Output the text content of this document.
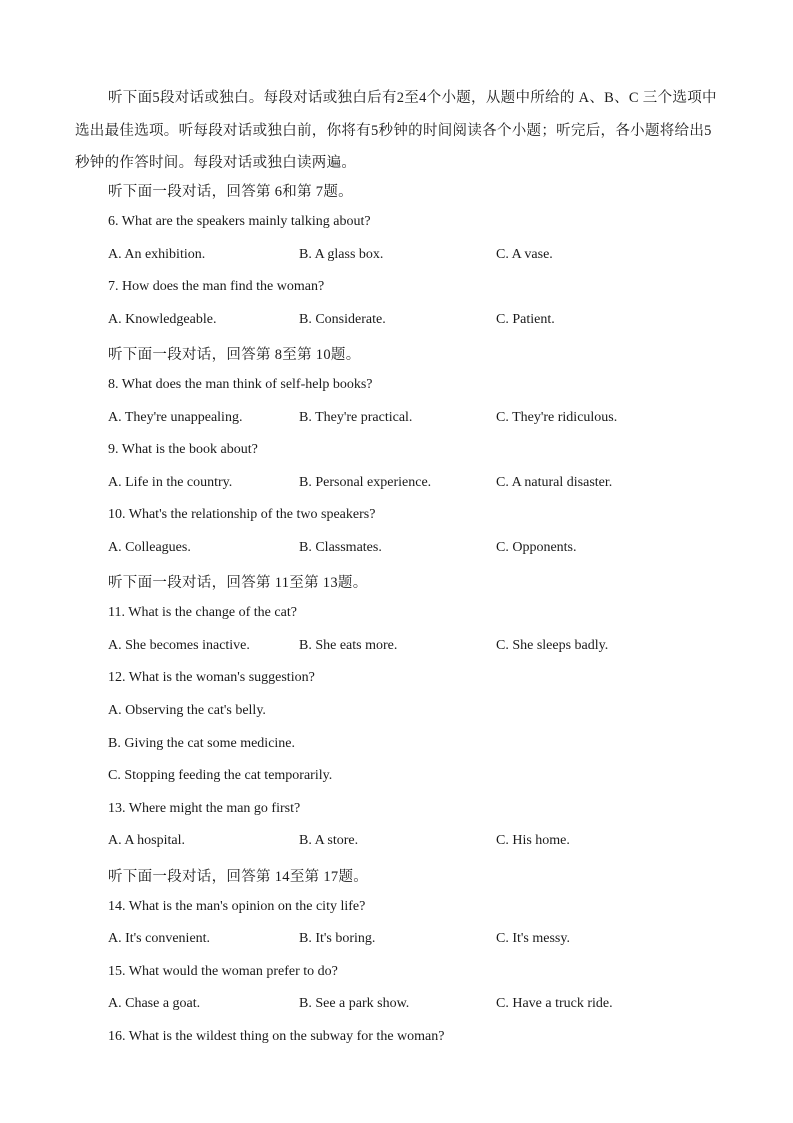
听下面5段对话或独白。每段对话或独白后有2至4个小题，从题中所给的 A、B、C 三个选项中选出最佳选项。听每段对话或独白前，你将有5秒钟的时间阅读各个小题；听完后，各小题将给出5秒钟的作答时间。每段对话或独白读两遍。
听下面一段对话，回答第 6和第 7题。
6. What are the speakers mainly talking about?
A. An exhibition.	B. A glass box.	C. A vase.
7. How does the man find the woman?
A. Knowledgeable.	B. Considerate.	C. Patient.
听下面一段对话，回答第 8至第 10题。
8. What does the man think of self-help books?
A. They're unappealing.	B. They're practical.	C. They're ridiculous.
9. What is the book about?
A. Life in the country.	B. Personal experience.	C. A natural disaster.
10. What's the relationship of the two speakers?
A. Colleagues.	B. Classmates.	C. Opponents.
听下面一段对话，回答第 11至第 13题。
11. What is the change of the cat?
A. She becomes inactive.	B. She eats more.	C. She sleeps badly.
12. What is the woman's suggestion?
A. Observing the cat's belly.
B. Giving the cat some medicine.
C. Stopping feeding the cat temporarily.
13. Where might the man go first?
A. A hospital.	B. A store.	C. His home.
听下面一段对话，回答第 14至第 17题。
14. What is the man's opinion on the city life?
A. It's convenient.	B. It's boring.	C. It's messy.
15. What would the woman prefer to do?
A. Chase a goat.	B. See a park show.	C. Have a truck ride.
16. What is the wildest thing on the subway for the woman?
